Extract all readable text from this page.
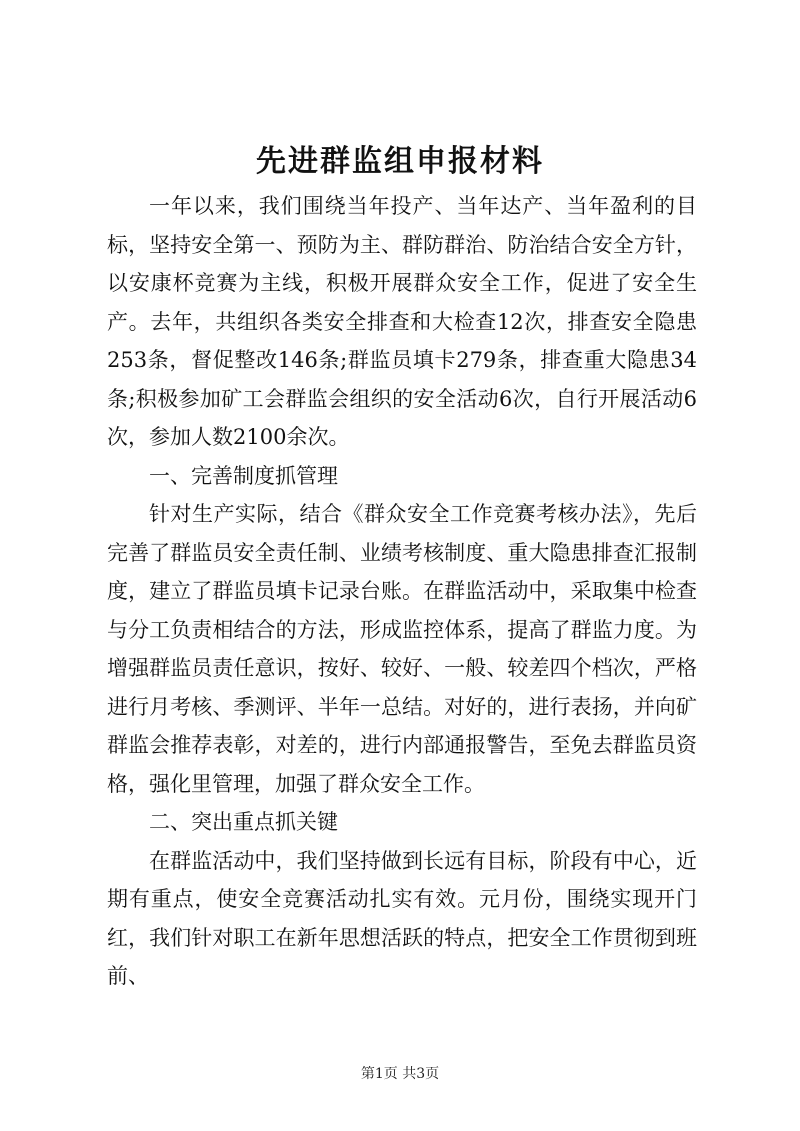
先进群监组申报材料

一年以来，我们围绕当年投产、当年达产、当年盈利的目标，坚持安全第一、预防为主、群防群治、防治结合安全方针，以安康杯竞赛为主线，积极开展群众安全工作，促进了安全生产。去年，共组织各类安全排查和大检查12次，排查安全隐患253条，督促整改146条;群监员填卡279条，排查重大隐患34条;积极参加矿工会群监会组织的安全活动6次，自行开展活动6次，参加人数2100余次。

一、完善制度抓管理

针对生产实际，结合《群众安全工作竞赛考核办法》，先后完善了群监员安全责任制、业绩考核制度、重大隐患排查汇报制度，建立了群监员填卡记录台账。在群监活动中，采取集中检查与分工负责相结合的方法，形成监控体系，提高了群监力度。为增强群监员责任意识，按好、较好、一般、较差四个档次，严格进行月考核、季测评、半年一总结。对好的，进行表扬，并向矿群监会推荐表彰，对差的，进行内部通报警告，至免去群监员资格，强化里管理，加强了群众安全工作。

二、突出重点抓关键

在群监活动中，我们坚持做到长远有目标，阶段有中心，近期有重点，使安全竞赛活动扎实有效。元月份，围绕实现开门红，我们针对职工在新年思想活跃的特点，把安全工作贯彻到班前、

第1页 共3页
